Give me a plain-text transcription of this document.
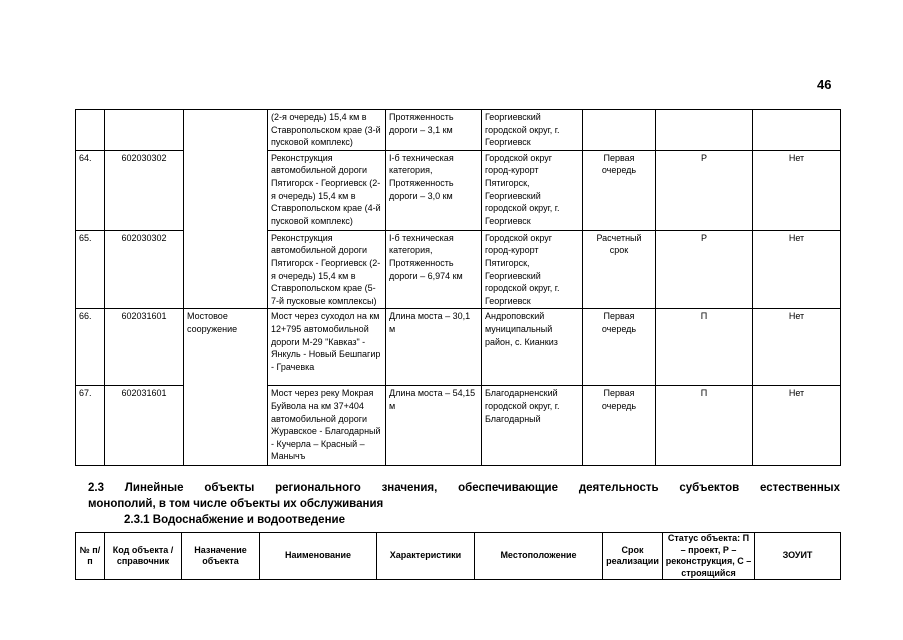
46
			(2-я очередь) 15,4 км в Ставропольском крае (3-й пусковой комплекс)	Протяженность дороги – 3,1 км	Георгиевский городской округ, г. Георгиевск			
64.	602030302		Реконструкция автомобильной дороги Пятигорск - Георгиевск (2-я очередь) 15,4 км в Ставропольском крае (4-й пусковой комплекс)	I-б техническая категория, Протяженность дороги – 3,0 км	Городской округ город-курорт Пятигорск, Георгиевский городской округ, г. Георгиевск	Первая очередь	Р	Нет
65.	602030302		Реконструкция автомобильной дороги Пятигорск - Георгиевск (2-я очередь) 15,4 км в Ставропольском крае (5-7-й пусковые комплексы)	I-б техническая категория, Протяженность дороги – 6,974 км	Городской округ город-курорт Пятигорск, Георгиевский городской округ, г. Георгиевск	Расчетный срок	Р	Нет
66.	602031601	Мостовое сооружение	Мост через суходол на км 12+795 автомобильной дороги М-29 "Кавказ" - Янкуль - Новый Бешпагир - Грачевка	Длина моста – 30,1 м	Андроповский муниципальный район, с. Кианкиз	Первая очередь	П	Нет
67.	602031601		Мост через реку Мокрая Буйвола на км 37+404 автомобильной дороги Журавское - Благодарный - Кучерла – Красный – Манычъ	Длина моста – 54,15 м	Благодарненский городской округ, г. Благодарный	Первая очередь	П	Нет
2.3 Линейные объекты регионального значения, обеспечивающие деятельность субъектов естественных
монополий, в том числе объекты их обслуживания
2.3.1 Водоснабжение и водоотведение
№ п/п	Код объекта / справочник	Назначение объекта	Наименование	Характеристики	Местоположение	Срок реализации	Статус объекта: П – проект, Р – реконструкция, С – строящийся	ЗОУИТ
